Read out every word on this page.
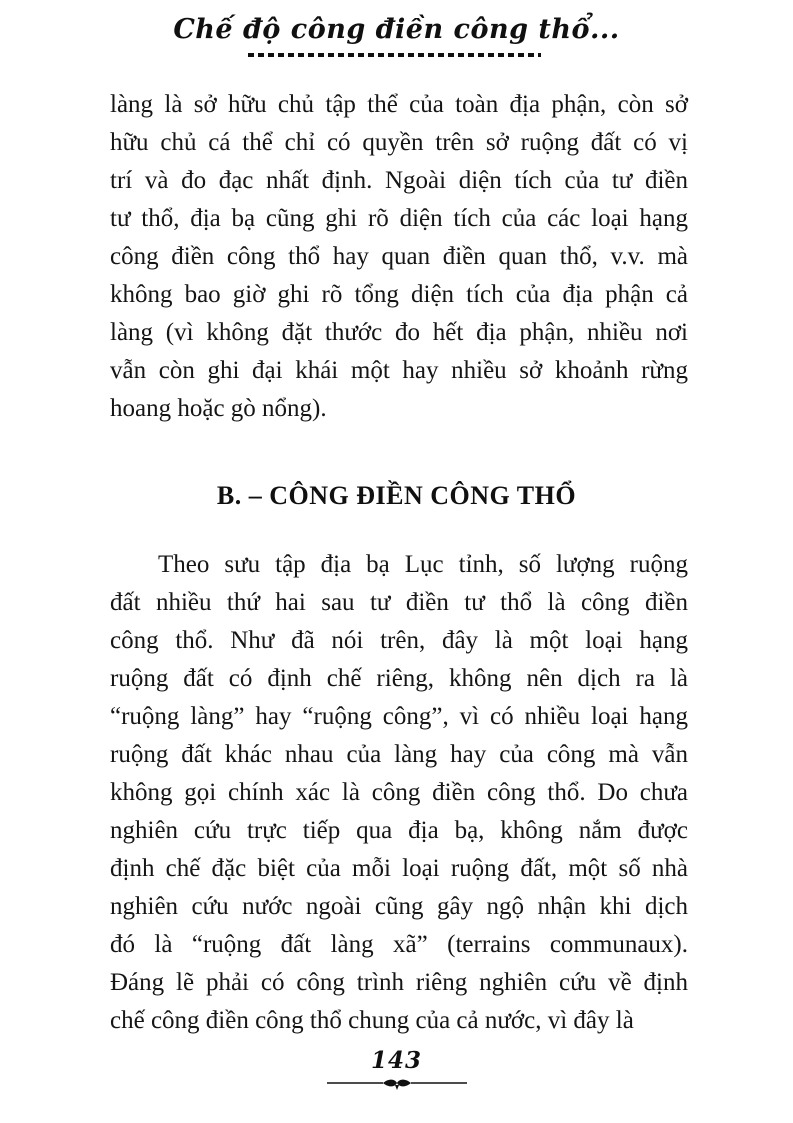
Chế độ công điền công thổ...
làng là sở hữu chủ tập thể của toàn địa phận, còn sở
hữu chủ cá thể chỉ có quyền trên sở ruộng đất có vị
trí và đo đạc nhất định. Ngoài diện tích của tư điền
tư thổ, địa bạ cũng ghi rõ diện tích của các loại hạng
công điền công thổ hay quan điền quan thổ, v.v. mà
không bao giờ ghi rõ tổng diện tích của địa phận cả
làng (vì không đặt thước đo hết địa phận, nhiều nơi
vẫn còn ghi đại khái một hay nhiều sở khoảnh rừng
hoang hoặc gò nổng).
B. – CÔNG ĐIỀN CÔNG THỔ
Theo sưu tập địa bạ Lục tỉnh, số lượng ruộng
đất nhiều thứ hai sau tư điền tư thổ là công điền
công thổ. Như đã nói trên, đây là một loại hạng
ruộng đất có định chế riêng, không nên dịch ra là
“ruộng làng” hay “ruộng công”, vì có nhiều loại hạng
ruộng đất khác nhau của làng hay của công mà vẫn
không gọi chính xác là công điền công thổ. Do chưa
nghiên cứu trực tiếp qua địa bạ, không nắm được
định chế đặc biệt của mỗi loại ruộng đất, một số nhà
nghiên cứu nước ngoài cũng gây ngộ nhận khi dịch
đó là “ruộng đất làng xã” (terrains communaux).
Đáng lẽ phải có công trình riêng nghiên cứu về định
chế công điền công thổ chung của cả nước, vì đây là
143
